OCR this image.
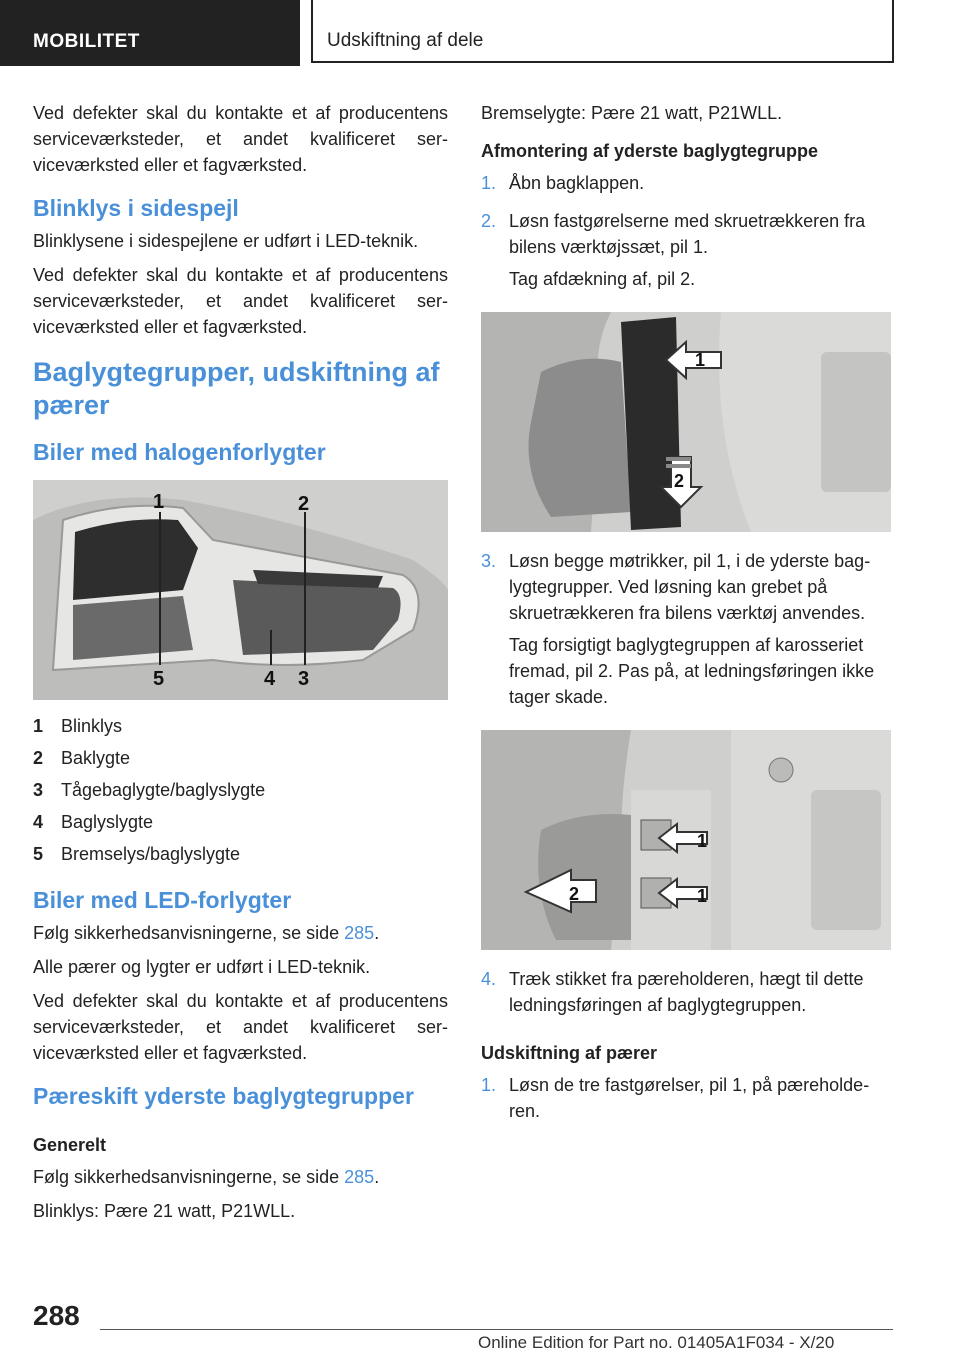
MOBILITET	Udskiftning af dele

Ved defekter skal du kontakte et af producentens serviceværksteder, et andet kvalificeret serviceværksted eller et fagværksted.

Blinklys i sidespejl

Blinklysene i sidespejlene er udført i LED-teknik.

Ved defekter skal du kontakte et af producentens serviceværksteder, et andet kvalificeret serviceværksted eller et fagværksted.

Baglygtegrupper, udskiftning af pærer
Biler med halogenforlygter
1	2
5	4 3
1 Blinklys
2 Baklygte
3 Tågebaglygte/baglyslygte
4 Baglyslygte
5 Bremselys/baglyslygte
Biler med LED-forlygter

Følg sikkerhedsanvisningerne, se side 285.

Alle pærer og lygter er udført i LED-teknik.

Ved defekter skal du kontakte et af producentens serviceværksteder, et andet kvalificeret serviceværksted eller et fagværksted.

Pæreskift yderste baglygtegrupper
Generelt

Følg sikkerhedsanvisningerne, se side 285.

Blinklys: Pære 21 watt, P21WLL.

Bremselygte: Pære 21 watt, P21WLL.

Afmontering af yderste baglygtegruppe
1. Åbn bagklappen.

2. Løsn fastgørelserne med skruetrækkeren fra bilens værktøjssæt, pil 1.

Tag afdækning af, pil 2.

1
2
3. Løsn begge møtrikker, pil 1, i de yderste baglygtegrupper. Ved løsning kan grebet på skruetrækkeren fra bilens værktøj anvendes.

Tag forsigtigt baglygtegruppen af karosseriet fremad, pil 2. Pas på, at ledningsføringen ikke tager skade.

1
1
2
4. Træk stikket fra pæreholderen, hægt til dette ledningsføringen af baglygtegruppen.

Udskiftning af pærer
1. Løsn de tre fastgørelser, pil 1, på pæreholderen.

288
Online Edition for Part no. 01405A1F034 - X/20
